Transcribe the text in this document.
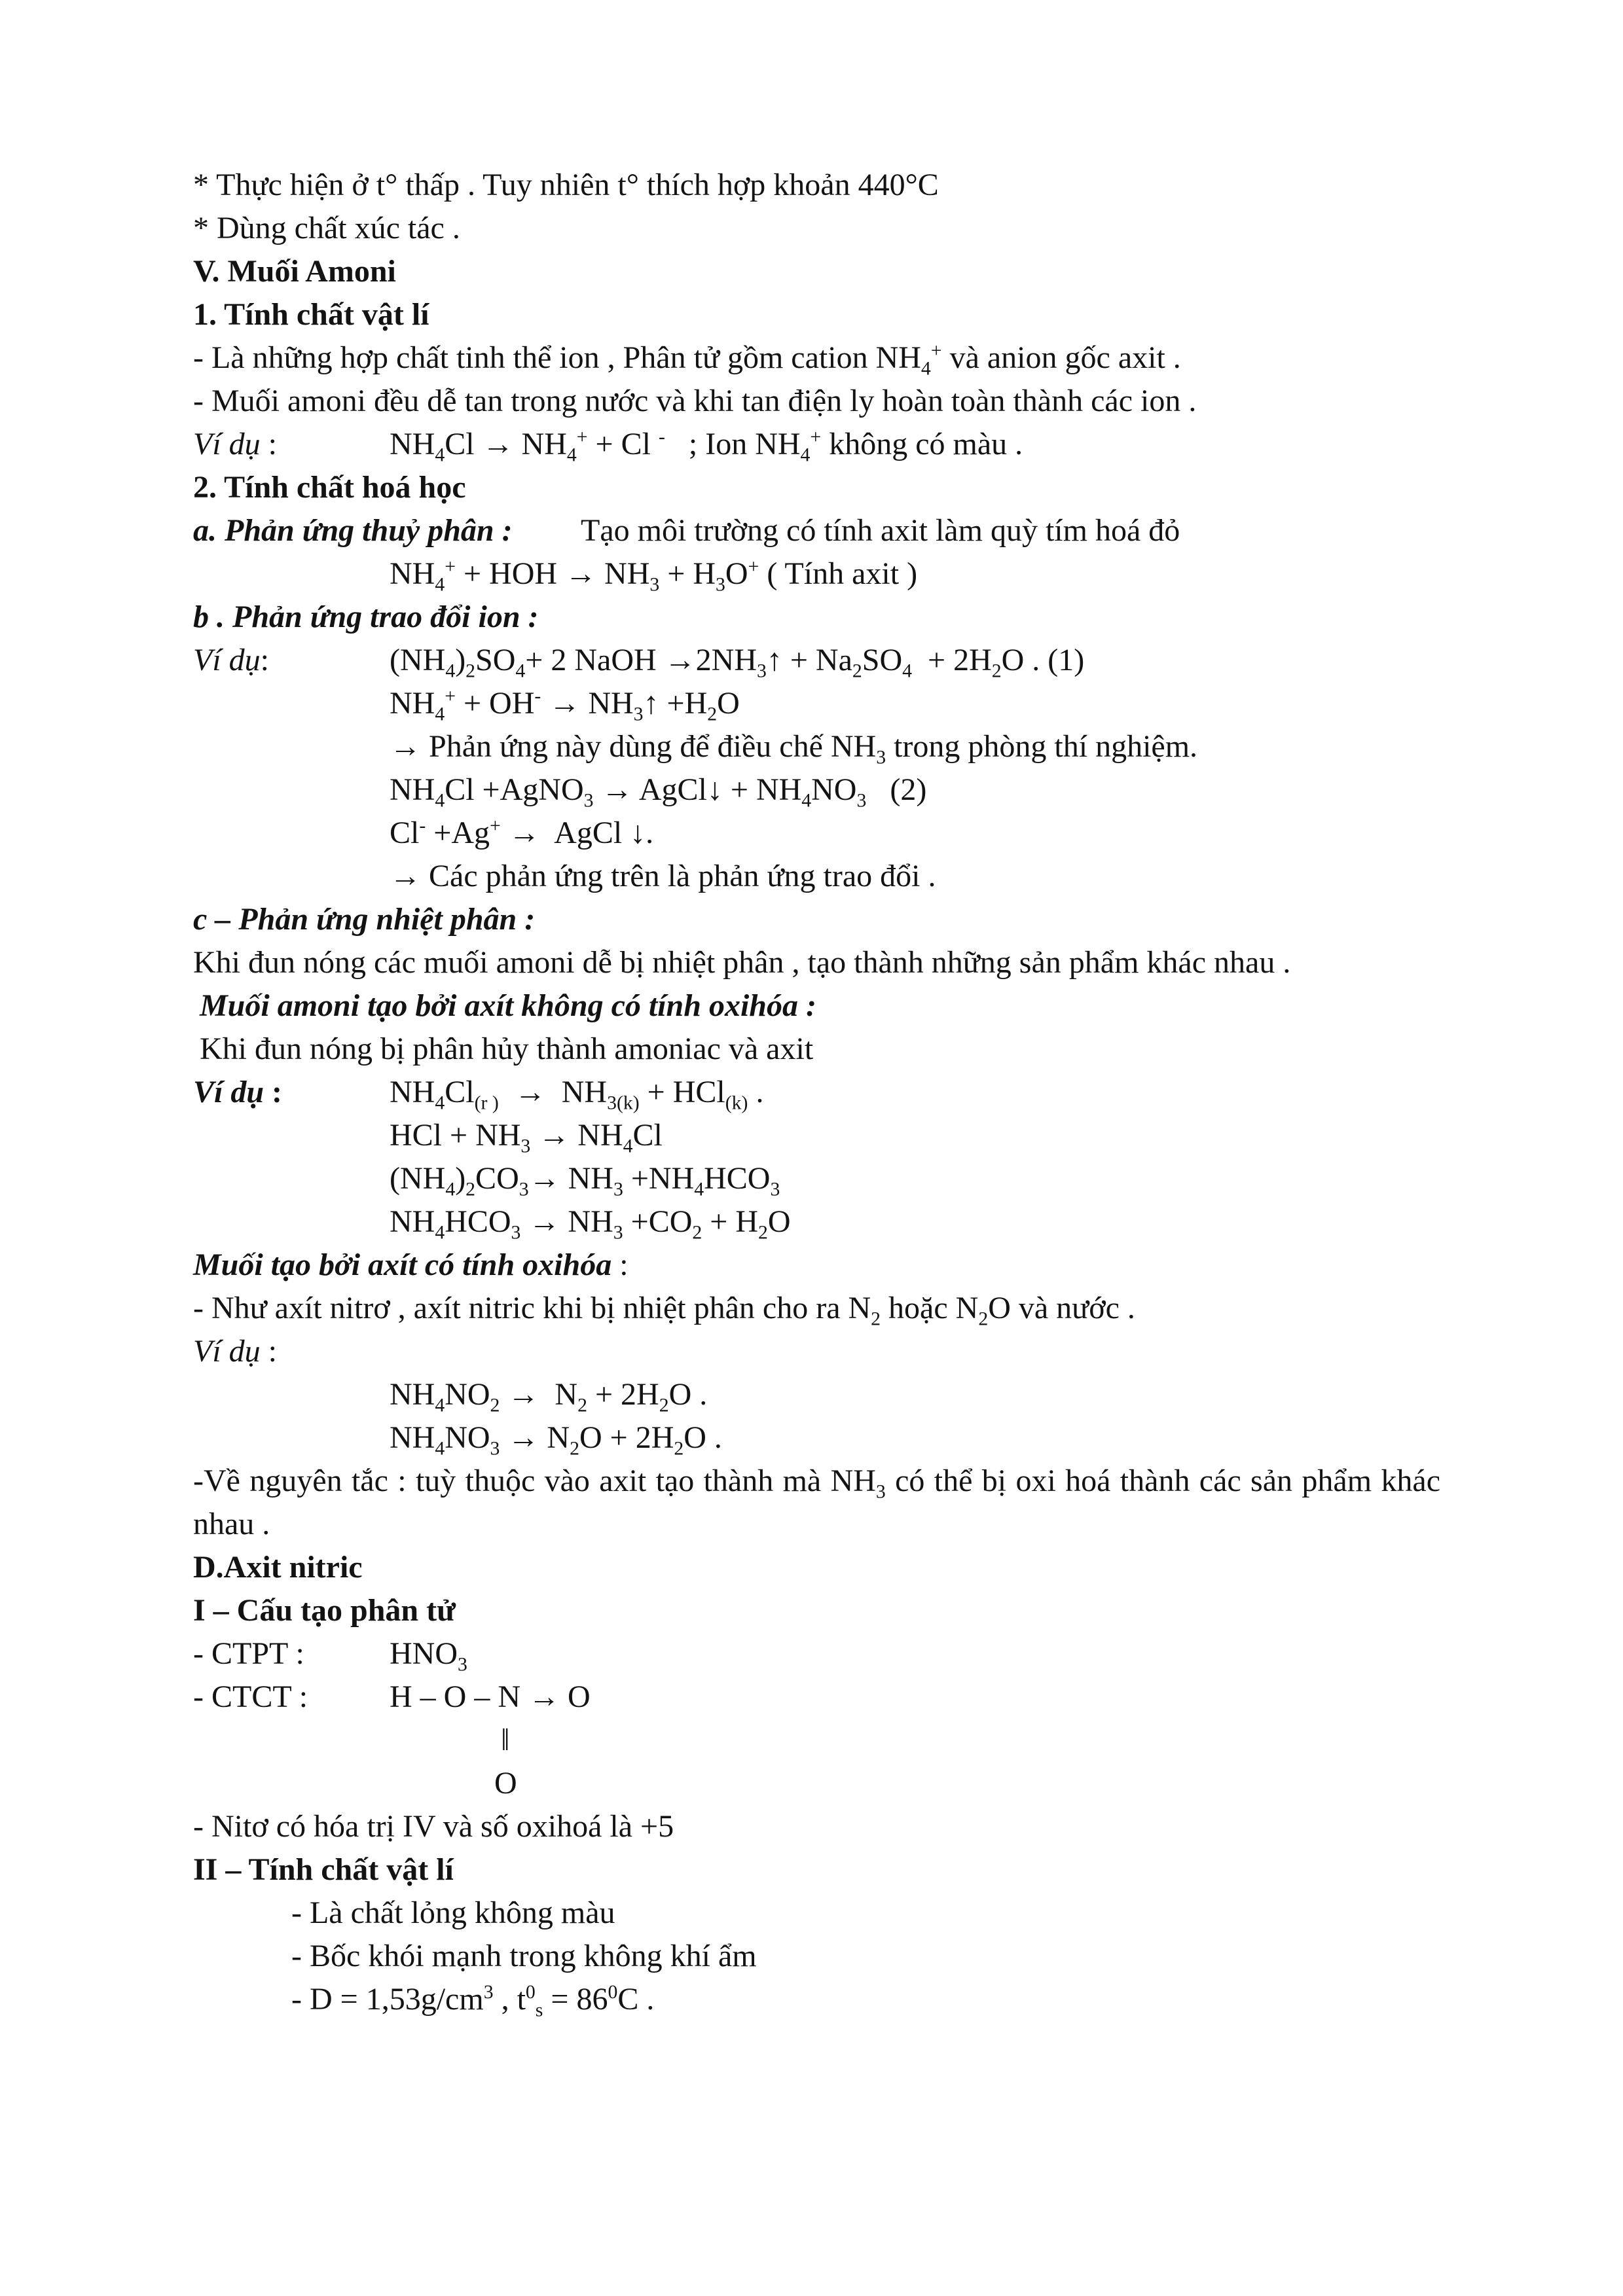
* Thực hiện ở t° thấp . Tuy nhiên t° thích hợp khoản 440°C
* Dùng chất xúc tác .
V. Muối Amoni
1. Tính chất vật lí
- Là những hợp chất tinh thể ion , Phân tử gồm cation $NH_4^+$ và anion gốc axit .
- Muối amoni đều dễ tan trong nước và khi tan điện ly hoàn toàn thành các ion .
Ví dụ :	$NH_4Cl \to NH_4^+ + Cl$ -   ; Ion $NH_4^+$ không có màu .
2. Tính chất hoá học
a. Phản ứng thuỷ phân : Tạo môi trường có tính axit làm quỳ tím hoá đỏ
$NH_4^+$ + HOH → $NH_3 + H_3O^+$ ( Tính axit )
b . Phản ứng trao đổi ion :
Ví dụ:	$(NH_4)_2SO_4+ 2$ NaOH $\to 2NH_3↑ + Na_2SO_4 + 2H_2O$ . (1)
$NH_4^+ + OH^-$ → $NH_3↑ +H_2O$
→ Phản ứng này dùng để điều chế $NH_3$ trong phòng thí nghiệm.
$NH_4Cl$ +AgNO$_3$ → AgCl↓ + $NH_4NO_3$   (2)
Cl- +Ag+ →  AgCl ↓.
→ Các phản ứng trên là phản ứng trao đổi .
c – Phản ứng nhiệt phân :
Khi đun nóng các muối amoni dễ bị nhiệt phân , tạo thành những sản phẩm khác nhau .
Muối amoni tạo bởi axít không có tính oxihóa :
Khi đun nóng bị phân hủy thành amoniac và axit
Ví dụ :	$NH_4Cl_{(r )} \to NH_{3(k)} + HCl_{(k)}$ .
HCl + $NH_3 \to NH_4Cl$
$(NH_4)_2CO_3\to NH_3 +NH_4HCO_3$
$NH_4HCO_3 \to NH_3 +CO_2 + H_2O$
Muối tạo bởi axít có tính oxihóa :
- Như axít nitrơ , axít nitric khi bị nhiệt phân cho ra $N_2$ hoặc $N_2O$ và nước .
Ví dụ :
$NH_4NO_2 \to N_2 + 2H_2O$ .
$NH_4NO_3 \to N_2O + 2H_2O$ .
-Về nguyên tắc : tuỳ thuộc vào axit tạo thành mà $NH_3$ có thể bị oxi hoá thành các sản phẩm khác nhau .
D.Axit nitric
I – Cấu tạo phân tử
- CTPT :	$HNO_3$
- CTCT :	H – O – N → O
‖
O
- Nitơ có hóa trị IV và số oxihoá là +5
II – Tính chất vật lí
- Là chất lỏng không màu
- Bốc khói mạnh trong không khí ẩm
- $D = 1,53g/cm^3$ , $t^0_s = 86^0C$ .
